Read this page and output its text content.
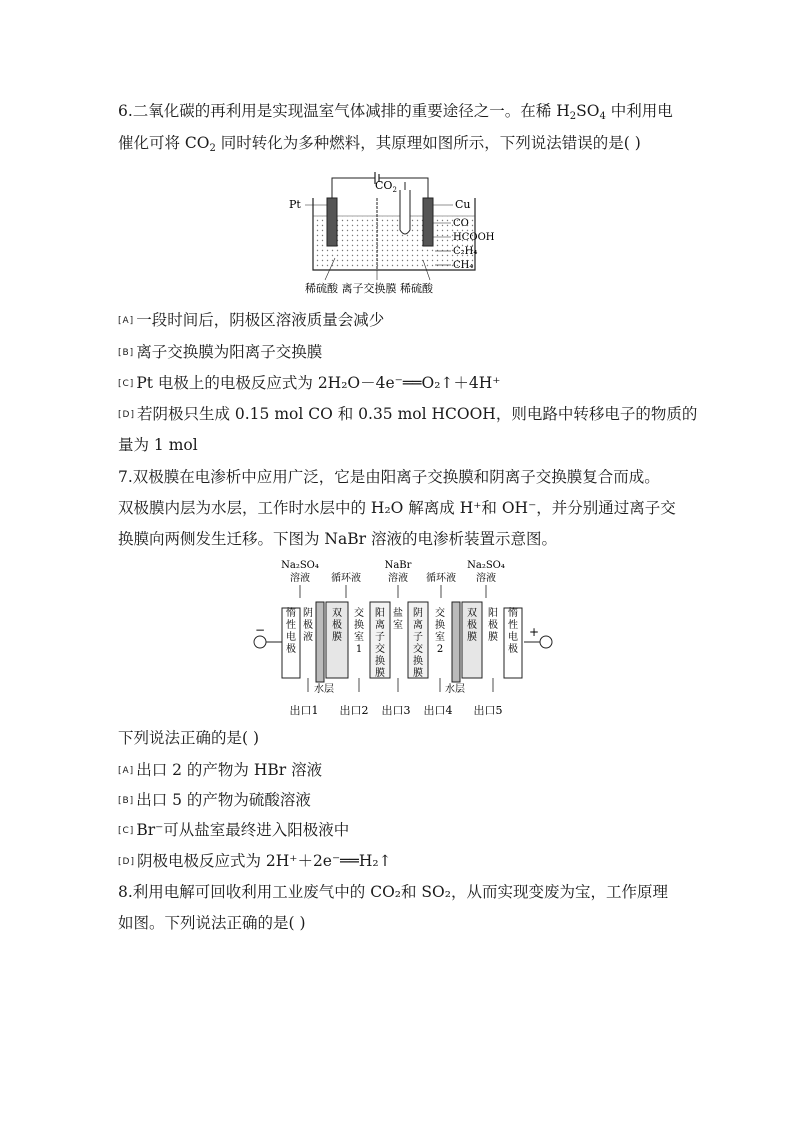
6.二氧化碳的再利用是实现温室气体减排的重要途径之一。在稀 $H_2SO_4$ 中利用电
催化可将 $CO_2$ 同时转化为多种燃料，其原理如图所示，下列说法错误的是( )
$CO_2$
Pt	Cu
CO
HCOOH
C₂H₄
CH₄
稀硫酸 离子交换膜 稀硫酸
[A] 一段时间后，阴极区溶液质量会减少
[B] 离子交换膜为阳离子交换膜
[C] Pt 电极上的电极反应式为 2H₂O－4e⁻══O₂↑＋4H⁺
[D] 若阴极只生成 0.15 mol CO 和 0.35 mol HCOOH，则电路中转移电子的物质的
量为 1 mol
7.双极膜在电渗析中应用广泛，它是由阳离子交换膜和阴离子交换膜复合而成。
双极膜内层为水层，工作时水层中的 H₂O 解离成 H⁺和 OH⁻，并分别通过离子交
换膜向两侧发生迁移。下图为 NaBr 溶液的电渗析装置示意图。
Na₂SO₄
溶液 循环液
NaBr
溶液 循环液
Na₂SO₄
溶液
−	+
惰性电极
阴极液
双极膜
交换室 1
阳离子交换膜
盐室
阴离子交换膜
交换室 2
双极膜
阳极膜
惰性电极
水层	水层
出口1 出口2 出口3 出口4 出口5
下列说法正确的是( )
[A] 出口 2 的产物为 HBr 溶液
[B] 出口 5 的产物为硫酸溶液
[C] Br⁻可从盐室最终进入阳极液中
[D] 阴极电极反应式为 2H⁺＋2e⁻══H₂↑
8.利用电解可回收利用工业废气中的 CO₂和 SO₂，从而实现变废为宝，工作原理
如图。下列说法正确的是( )
